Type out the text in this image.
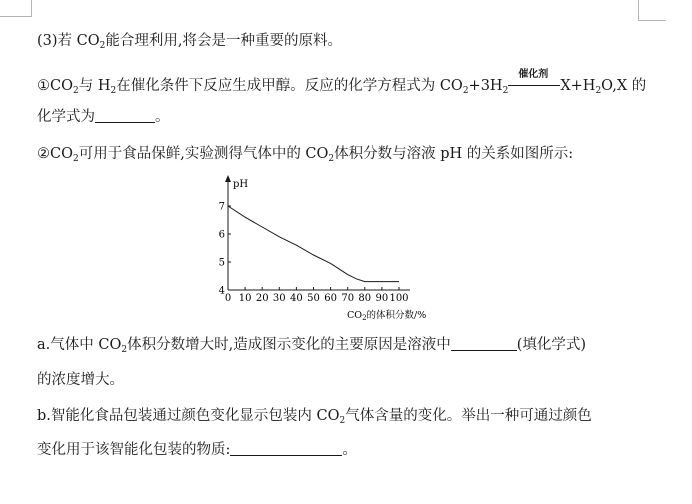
(3)若 $CO_2$能合理利用,将会是一种重要的原料。
$①CO_2$与 $H_2$在催化条件下反应生成甲醇。反应的化学方程式为 $CO_2+3H_2$
催化剂
$X+H_2O,X$ 的
化学式为	。
$②CO_2$可用于食品保鲜,实验测得气体中的 $CO_2$体积分数与溶液 pH 的关系如图所示:
pH
4
5
6
7
0 10 20 30 40 50 60 70 80 90 100
$CO_2$的体积分数/%
a.气体中 $CO_2$体积分数增大时,造成图示变化的主要原因是溶液中	(填化学式)
的浓度增大。
b.智能化食品包装通过颜色变化显示包装内 $CO_2$气体含量的变化。举出一种可通过颜色
变化用于该智能化包装的物质:	。
